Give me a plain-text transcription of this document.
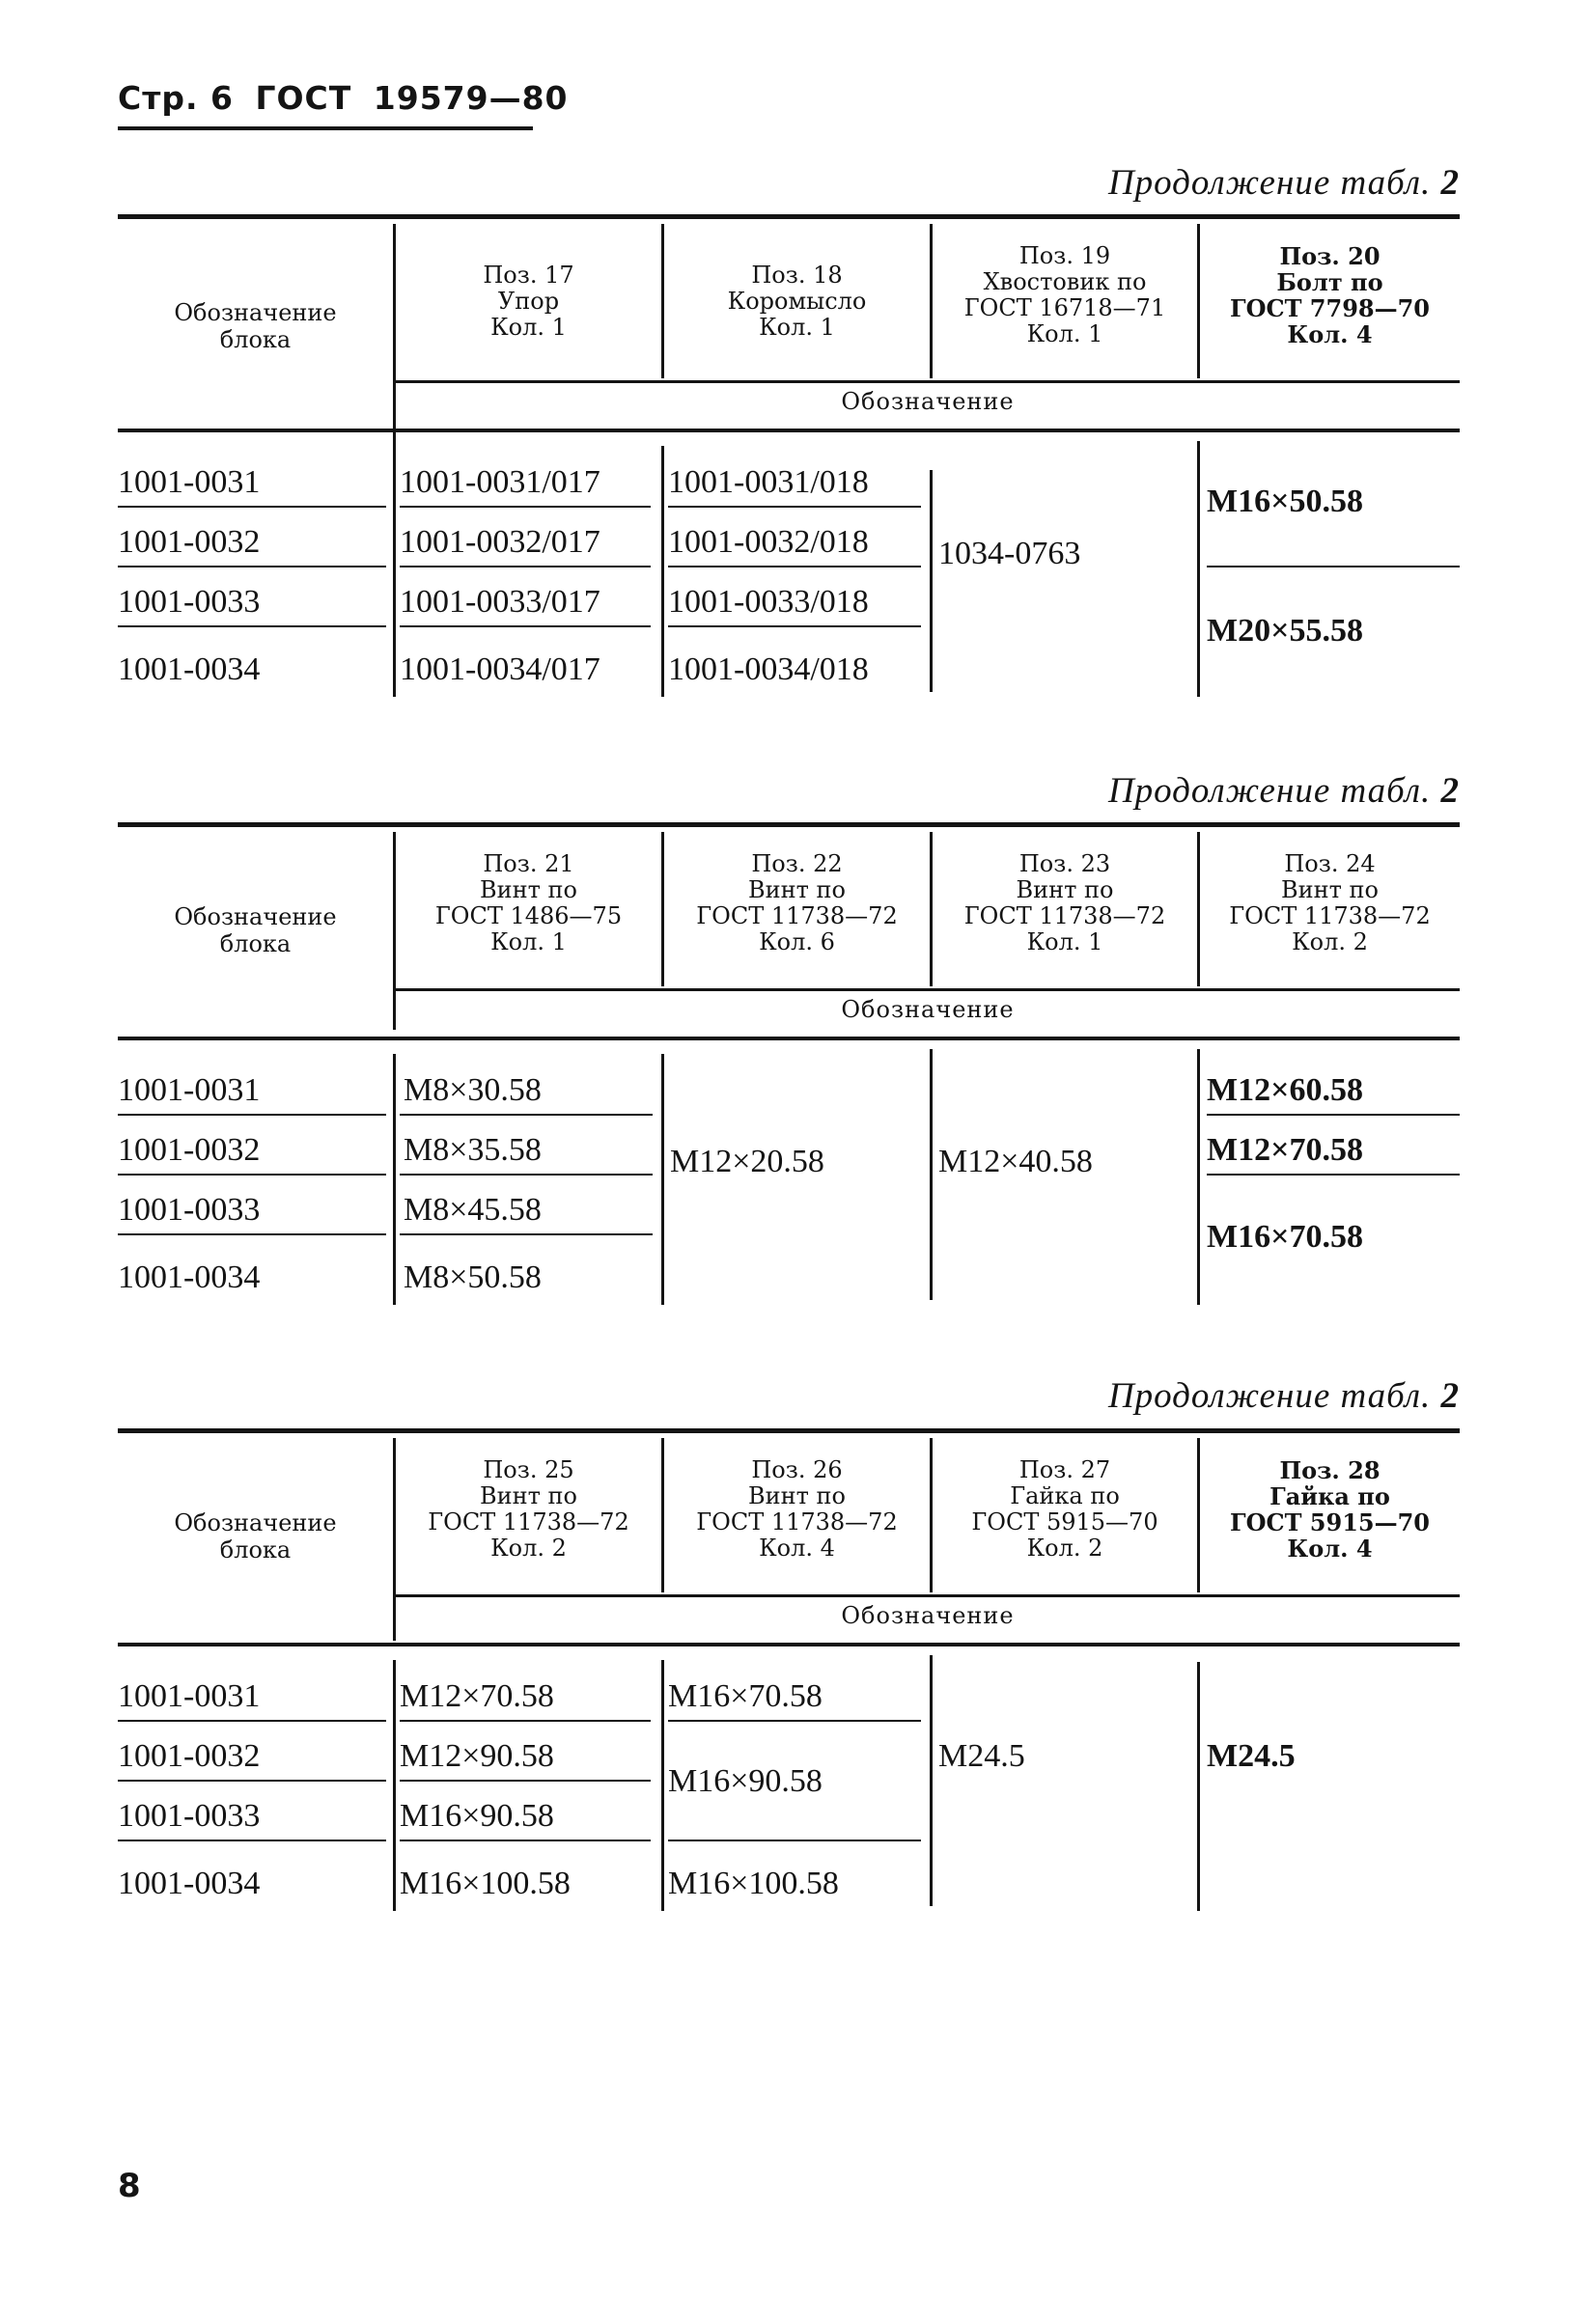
Стр. 6 ГОСТ 19579—80
Продолжение табл. 2
Обозначение
блока
Поз. 17
Упор
Кол. 1
Поз. 18
Коромысло
Кол. 1
Поз. 19
Хвостовик по
ГОСТ 16718—71
Кол. 1
Поз. 20
Болт по
ГОСТ 7798—70
Кол. 4
Обозначение
1001-0031
1001-0032
1001-0033
1001-0034
1001-0031/017
1001-0032/017
1001-0033/017
1001-0034/017
1001-0031/018
1001-0032/018
1001-0033/018
1001-0034/018
1034-0763
M16×50.58
M20×55.58
Продолжение табл. 2
Обозначение
блока
Поз. 21
Винт по
ГОСТ 1486—75
Кол. 1
Поз. 22
Винт по
ГОСТ 11738—72
Кол. 6
Поз. 23
Винт по
ГОСТ 11738—72
Кол. 1
Поз. 24
Винт по
ГОСТ 11738—72
Кол. 2
Обозначение
1001-0031
1001-0032
1001-0033
1001-0034
M8×30.58
M8×35.58
M8×45.58
M8×50.58
M12×20.58	M12×40.58
M12×60.58
M12×70.58
M16×70.58
Продолжение табл. 2
Обозначение
блока
Поз. 25
Винт по
ГОСТ 11738—72
Кол. 2
Поз. 26
Винт по
ГОСТ 11738—72
Кол. 4
Поз. 27
Гайка по
ГОСТ 5915—70
Кол. 2
Поз. 28
Гайка по
ГОСТ 5915—70
Кол. 4
Обозначение
1001-0031
1001-0032
1001-0033
1001-0034
M12×70.58
M12×90.58
M16×90.58
M16×100.58
M16×70.58
M16×90.58
M16×100.58
M24.5	M24.5
8
